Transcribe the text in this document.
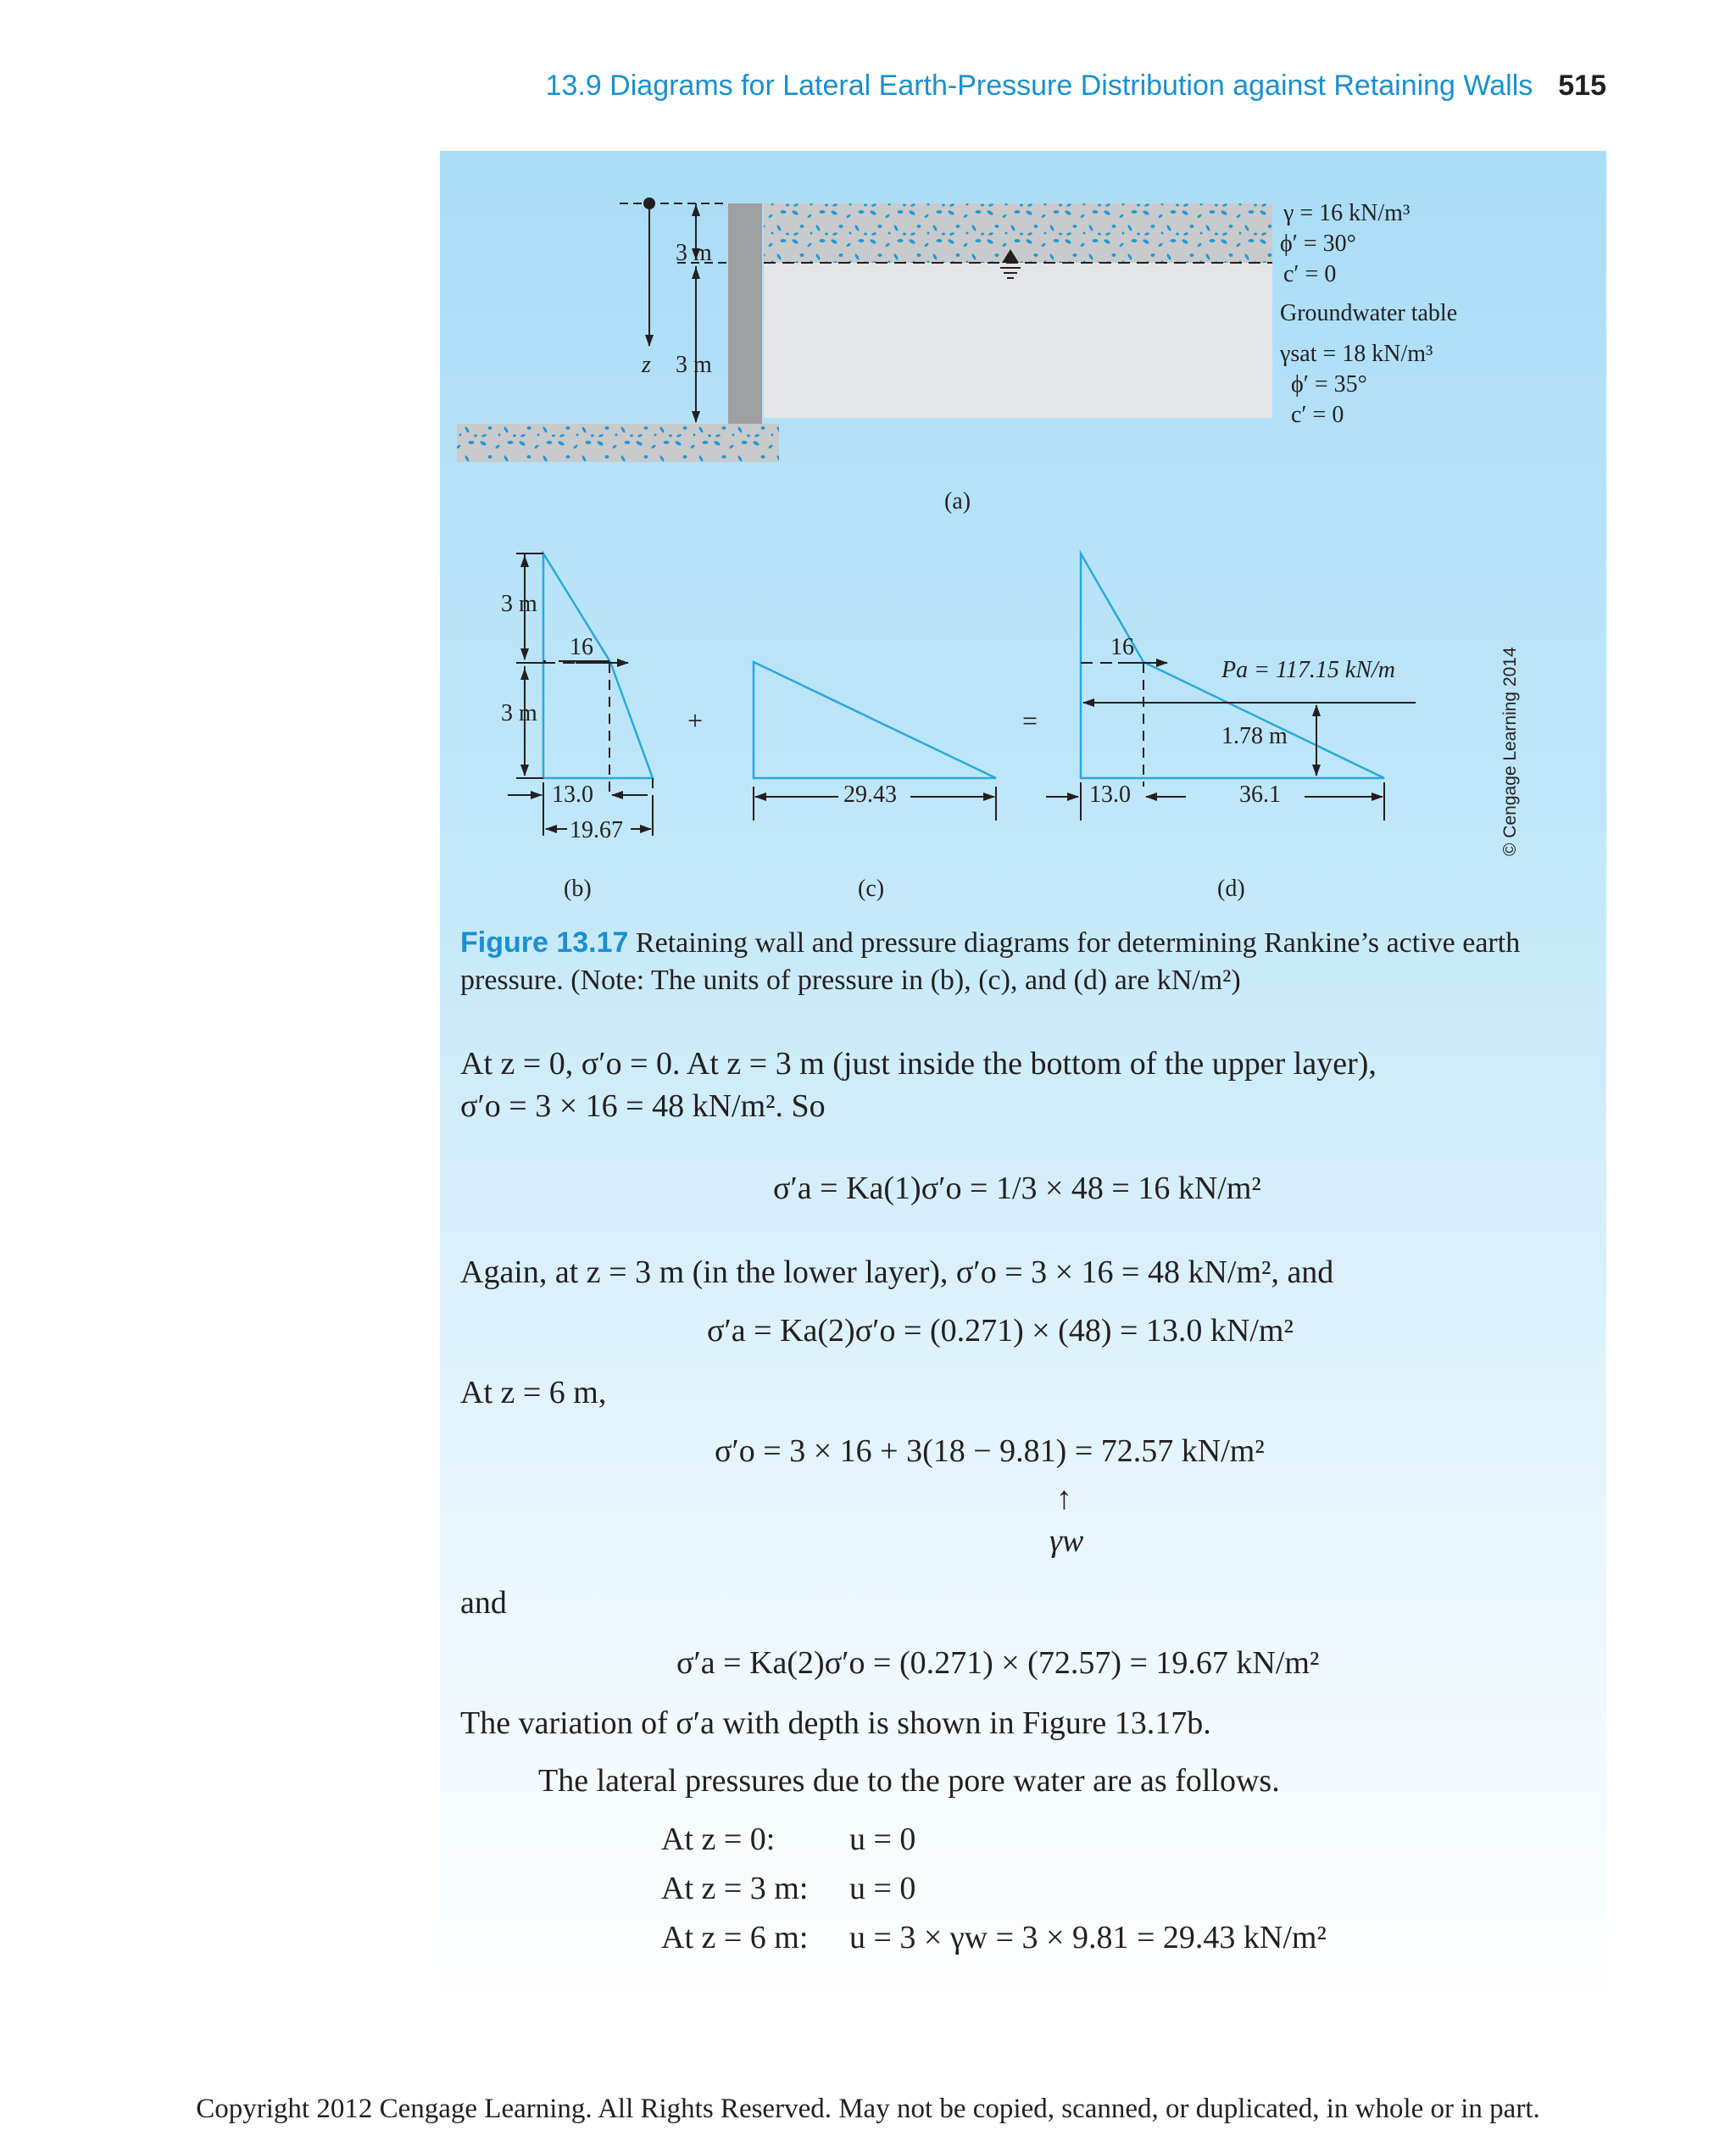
13.9 Diagrams for Lateral Earth-Pressure Distribution against Retaining Walls 515
3 m
z 3 m
γ = 16 kN/m³
ϕ′ = 30°
c′ = 0
Groundwater table
γsat = 18 kN/m³
ϕ′ = 35°
c′ = 0
(a)
3 m
3 m
16
13.0
19.67
(b)
+
29.43
(c)
=
16
Pa = 117.15 kN/m
1.78 m
13.0	36.1
(d)
© Cengage Learning 2014
Figure 13.17 Retaining wall and pressure diagrams for determining Rankine’s active earth pressure. (Note: The units of pressure in (b), (c), and (d) are kN/m²)
At z = 0, σ′o = 0. At z = 3 m (just inside the bottom of the upper layer),
σ′o = 3 × 16 = 48 kN/m². So
σ′a = Ka(1)σ′o = 1/3 × 48 = 16 kN/m²
Again, at z = 3 m (in the lower layer), σ′o = 3 × 16 = 48 kN/m², and
σ′a = Ka(2)σ′o = (0.271) × (48) = 13.0 kN/m²
At z = 6 m,
σ′o = 3 × 16 + 3(18 − 9.81) = 72.57 kN/m²
↑
γw
and
σ′a = Ka(2)σ′o = (0.271) × (72.57) = 19.67 kN/m²
The variation of σ′a with depth is shown in Figure 13.17b.
The lateral pressures due to the pore water are as follows.
At z = 0: u = 0
At z = 3 m: u = 0
At z = 6 m: u = 3 × γw = 3 × 9.81 = 29.43 kN/m²
Copyright 2012 Cengage Learning. All Rights Reserved. May not be copied, scanned, or duplicated, in whole or in part.
